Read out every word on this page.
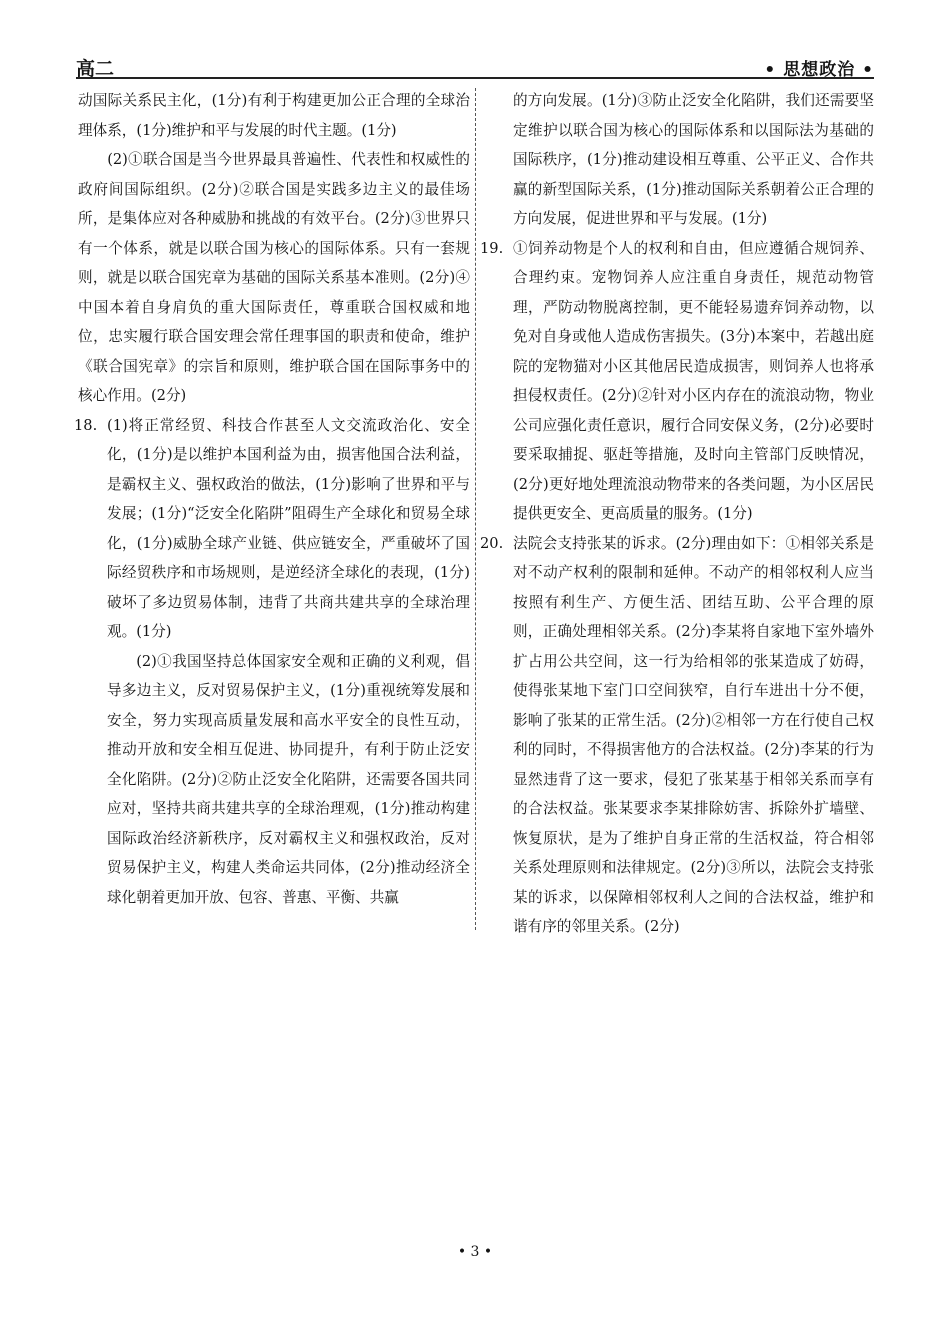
高二	• 思想政治 •

动国际关系民主化，(1分)有利于构建更加公正合理的全球治理体系，(1分)维护和平与发展的时代主题。(1分)

(2)①联合国是当今世界最具普遍性、代表性和权威性的政府间国际组织。(2分)②联合国是实践多边主义的最佳场所，是集体应对各种威胁和挑战的有效平台。(2分)③世界只有一个体系，就是以联合国为核心的国际体系。只有一套规则，就是以联合国宪章为基础的国际关系基本准则。(2分)④中国本着自身肩负的重大国际责任，尊重联合国权威和地位，忠实履行联合国安理会常任理事国的职责和使命，维护《联合国宪章》的宗旨和原则，维护联合国在国际事务中的核心作用。(2分)

18. (1)将正常经贸、科技合作甚至人文交流政治化、安全化，(1分)是以维护本国利益为由，损害他国合法利益，是霸权主义、强权政治的做法，(1分)影响了世界和平与发展；(1分)“泛安全化陷阱”阻碍生产全球化和贸易全球化，(1分)威胁全球产业链、供应链安全，严重破坏了国际经贸秩序和市场规则，是逆经济全球化的表现，(1分)破坏了多边贸易体制，违背了共商共建共享的全球治理观。(1分)

(2)①我国坚持总体国家安全观和正确的义利观，倡导多边主义，反对贸易保护主义，(1分)重视统筹发展和安全，努力实现高质量发展和高水平安全的良性互动，推动开放和安全相互促进、协同提升，有利于防止泛安全化陷阱。(2分)②防止泛安全化陷阱，还需要各国共同应对，坚持共商共建共享的全球治理观，(1分)推动构建国际政治经济新秩序，反对霸权主义和强权政治，反对贸易保护主义，构建人类命运共同体，(2分)推动经济全球化朝着更加开放、包容、普惠、平衡、共赢

的方向发展。(1分)③防止泛安全化陷阱，我们还需要坚定维护以联合国为核心的国际体系和以国际法为基础的国际秩序，(1分)推动建设相互尊重、公平正义、合作共赢的新型国际关系，(1分)推动国际关系朝着公正合理的方向发展，促进世界和平与发展。(1分)

19. ①饲养动物是个人的权利和自由，但应遵循合规饲养、合理约束。宠物饲养人应注重自身责任，规范动物管理，严防动物脱离控制，更不能轻易遗弃饲养动物，以免对自身或他人造成伤害损失。(3分)本案中，若越出庭院的宠物猫对小区其他居民造成损害，则饲养人也将承担侵权责任。(2分)②针对小区内存在的流浪动物，物业公司应强化责任意识，履行合同安保义务，(2分)必要时要采取捕捉、驱赶等措施，及时向主管部门反映情况，(2分)更好地处理流浪动物带来的各类问题，为小区居民提供更安全、更高质量的服务。(1分)

20. 法院会支持张某的诉求。(2分)理由如下：①相邻关系是对不动产权利的限制和延伸。不动产的相邻权利人应当按照有利生产、方便生活、团结互助、公平合理的原则，正确处理相邻关系。(2分)李某将自家地下室外墙外扩占用公共空间，这一行为给相邻的张某造成了妨碍，使得张某地下室门口空间狭窄，自行车进出十分不便，影响了张某的正常生活。(2分)②相邻一方在行使自己权利的同时，不得损害他方的合法权益。(2分)李某的行为显然违背了这一要求，侵犯了张某基于相邻关系而享有的合法权益。张某要求李某排除妨害、拆除外扩墙壁、恢复原状，是为了维护自身正常的生活权益，符合相邻关系处理原则和法律规定。(2分)③所以，法院会支持张某的诉求，以保障相邻权利人之间的合法权益，维护和谐有序的邻里关系。(2分)

• 3 •
